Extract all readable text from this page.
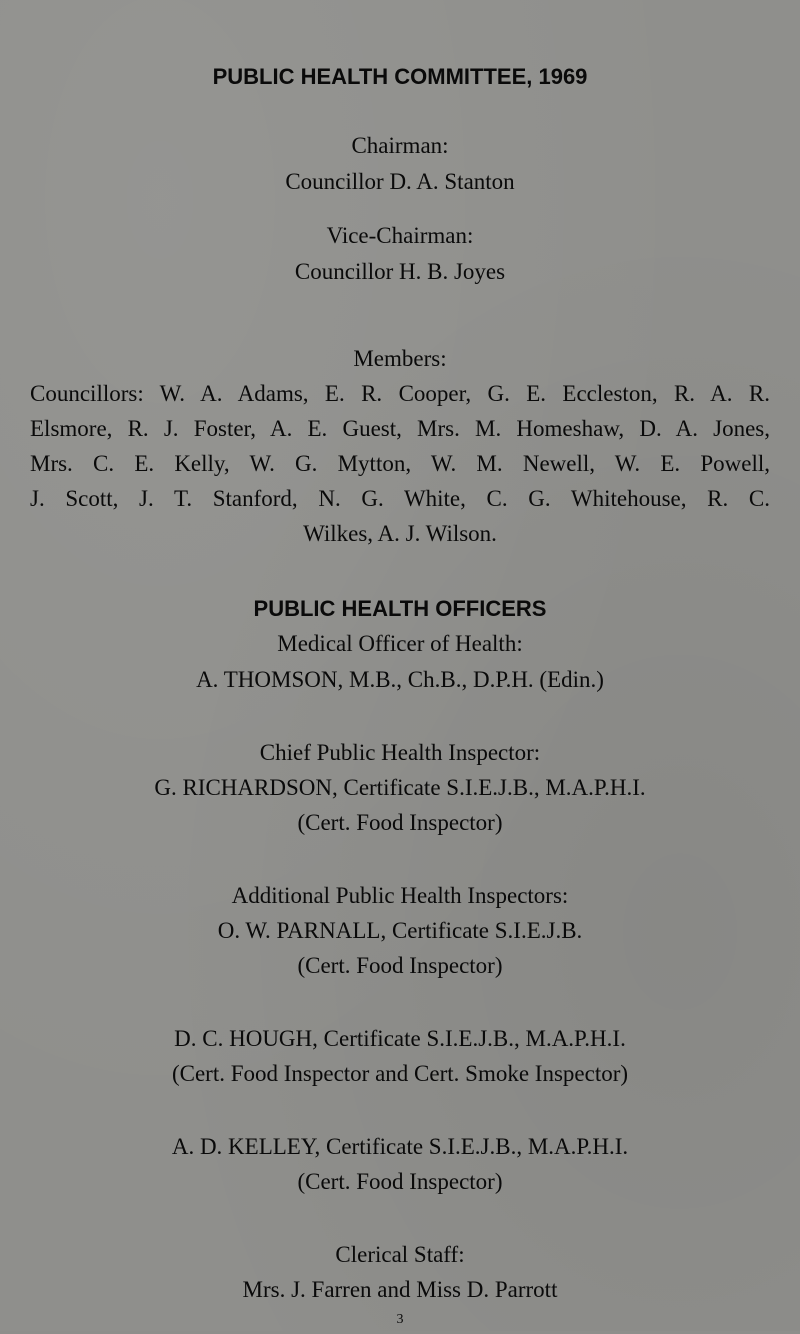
PUBLIC HEALTH COMMITTEE, 1969
Chairman:
Councillor D. A. Stanton
Vice-Chairman:
Councillor H. B. Joyes
Members:
Councillors: W. A. Adams, E. R. Cooper, G. E. Eccleston, R. A. R.
Elsmore, R. J. Foster, A. E. Guest, Mrs. M. Homeshaw, D. A. Jones,
Mrs. C. E. Kelly, W. G. Mytton, W. M. Newell, W. E. Powell,
J. Scott, J. T. Stanford, N. G. White, C. G. Whitehouse, R. C.
Wilkes, A. J. Wilson.
PUBLIC HEALTH OFFICERS
Medical Officer of Health:
A. THOMSON, M.B., Ch.B., D.P.H. (Edin.)
Chief Public Health Inspector:
G. RICHARDSON, Certificate S.I.E.J.B., M.A.P.H.I.
(Cert. Food Inspector)
Additional Public Health Inspectors:
O. W. PARNALL, Certificate S.I.E.J.B.
(Cert. Food Inspector)
D. C. HOUGH, Certificate S.I.E.J.B., M.A.P.H.I.
(Cert. Food Inspector and Cert. Smoke Inspector)
A. D. KELLEY, Certificate S.I.E.J.B., M.A.P.H.I.
(Cert. Food Inspector)
Clerical Staff:
Mrs. J. Farren and Miss D. Parrott
3
